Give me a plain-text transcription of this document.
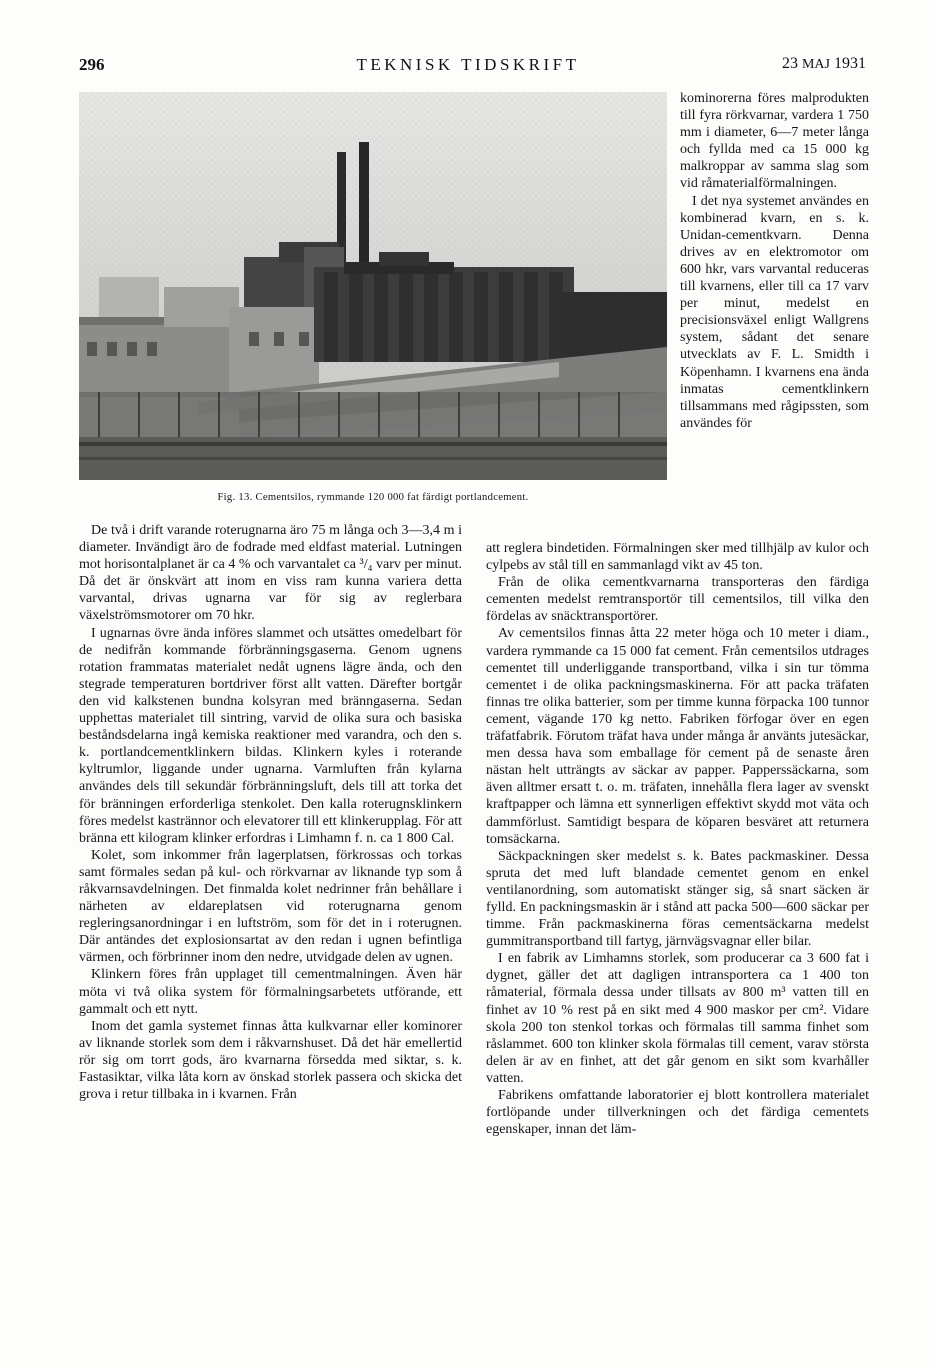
296	TEKNISK TIDSKRIFT	23 MAJ 1931
Fig. 13. Cementsilos, rymmande 120 000 fat färdigt portlandcement.

kominorerna föres malprodukten till fyra rörkvarnar, vardera 1 750 mm i diameter, 6—7 meter långa och fyllda med ca 15 000 kg malkroppar av samma slag som vid råmaterialförmalningen.

I det nya systemet användes en kombinerad kvarn, en s. k. Unidan-cementkvarn. Denna drives av en elektromotor om 600 hkr, vars varvantal reduceras till kvarnens, eller till ca 17 varv per minut, medelst en precisionsväxel enligt Wallgrens system, sådant det senare utvecklats av F. L. Smidth i Köpenhamn. I kvarnens ena ända inmatas cementklinkern tillsammans med rågipssten, som användes för

De två i drift varande roterugnarna äro 75 m långa och 3—3,4 m i diameter. Invändigt äro de fodrade med eldfast material. Lutningen mot horisontalplanet är ca 4 % och varvantalet ca ³/₄ varv per minut. Då det är önskvärt att inom en viss ram kunna variera detta varvantal, drivas ugnarna var för sig av reglerbara växelströmsmotorer om 70 hkr.

I ugnarnas övre ända införes slammet och utsättes omedelbart för de nedifrån kommande förbränningsgaserna. Genom ugnens rotation frammatas materialet nedåt ugnens lägre ända, och den stegrade temperaturen bortdriver först allt vatten. Därefter bortgår den vid kalkstenen bundna kolsyran med bränngaserna. Sedan upphettas materialet till sintring, varvid de olika sura och basiska beståndsdelarna ingå kemiska reaktioner med varandra, och den s. k. portlandcementklinkern bildas. Klinkern kyles i roterande kyltrumlor, liggande under ugnarna. Varmluften från kylarna användes dels till sekundär förbränningsluft, dels till att torka det för bränningen erforderliga stenkolet. Den kalla roterugnsklinkern föres medelst kastrännor och elevatorer till ett klinkerupplag. För att bränna ett kilogram klinker erfordras i Limhamn f. n. ca 1 800 Cal.

Kolet, som inkommer från lagerplatsen, förkrossas och torkas samt förmales sedan på kul- och rörkvarnar av liknande typ som å råkvarnsavdelningen. Det finmalda kolet nedrinner från behållare i närheten av eldareplatsen vid roterugnarna genom regleringsanordningar i en luftström, som för det in i roterugnen. Där antändes det explosionsartat av den redan i ugnen befintliga värmen, och förbrinner inom den nedre, utvidgade delen av ugnen.

Klinkern föres från upplaget till cementmalningen. Även här möta vi två olika system för förmalningsarbetets utförande, ett gammalt och ett nytt.

Inom det gamla systemet finnas åtta kulkvarnar eller kominorer av liknande storlek som dem i råkvarnshuset. Då det här emellertid rör sig om torrt gods, äro kvarnarna försedda med siktar, s. k. Fastasiktar, vilka låta korn av önskad storlek passera och skicka det grova i retur tillbaka in i kvarnen. Från

att reglera bindetiden. Förmalningen sker med tillhjälp av kulor och cylpebs av stål till en sammanlagd vikt av 45 ton.

Från de olika cementkvarnarna transporteras den färdiga cementen medelst remtransportör till cementsilos, till vilka den fördelas av snäcktransportörer.

Av cementsilos finnas åtta 22 meter höga och 10 meter i diam., vardera rymmande ca 15 000 fat cement. Från cementsilos utdrages cementet till underliggande transportband, vilka i sin tur tömma cementet i de olika packningsmaskinerna. För att packa träfaten finnas tre olika batterier, som per timme kunna förpacka 100 tunnor cement, vägande 170 kg netto. Fabriken förfogar över en egen träfatfabrik. Förutom träfat hava under många år använts jutesäckar, men dessa hava som emballage för cement på de senaste åren nästan helt utträngts av säckar av papper. Papperssäckarna, som även alltmer ersatt t. o. m. träfaten, innehålla flera lager av svenskt kraftpapper och lämna ett synnerligen effektivt skydd mot väta och dammförlust. Samtidigt bespara de köparen besväret att returnera tomsäckarna.

Säckpackningen sker medelst s. k. Bates packmaskiner. Dessa spruta det med luft blandade cementet genom en enkel ventilanordning, som automatiskt stänger sig, så snart säcken är fylld. En packningsmaskin är i stånd att packa 500—600 säckar per timme. Från packmaskinerna föras cementsäckarna medelst gummitransportband till fartyg, järnvägsvagnar eller bilar.

I en fabrik av Limhamns storlek, som producerar ca 3 600 fat i dygnet, gäller det att dagligen intransportera ca 1 400 ton råmaterial, förmala dessa under tillsats av 800 m³ vatten till en finhet av 10 % rest på en sikt med 4 900 maskor per cm². Vidare skola 200 ton stenkol torkas och förmalas till samma finhet som råslammet. 600 ton klinker skola förmalas till cement, varav största delen är av en finhet, att det går genom en sikt som kvarhåller vatten.

Fabrikens omfattande laboratorier ej blott kontrollera materialet fortlöpande under tillverkningen och det färdiga cementets egenskaper, innan det läm-
